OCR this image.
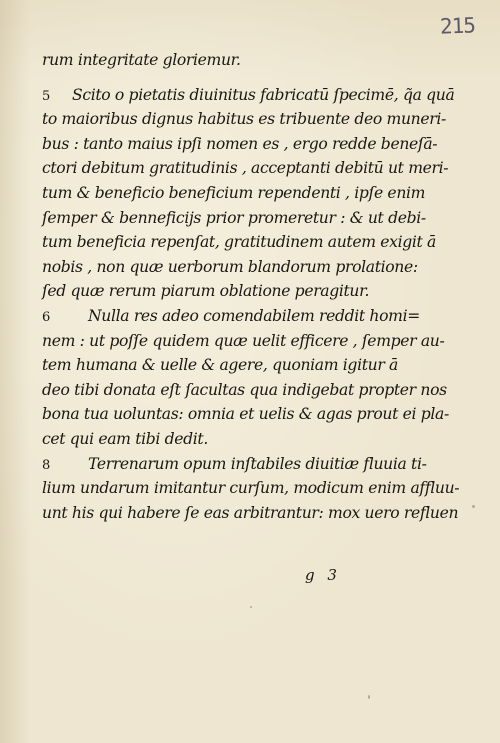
215
rum integritate gloriemur.
5 Scito o pietatis diuinitus fabricatū ſpecimē, q̃a quā
to maioribus dignus habitus es tribuente deo muneri-
bus : tanto maius ipſi nomen es , ergo redde beneſā-
ctori debitum gratitudinis , acceptanti debitū ut meri-
tum & beneficio beneficium rependenti , ipſe enim
ſemper & benneficijs prior promeretur : & ut debi-
tum beneficia repenſat, gratitudinem autem exigit ā
nobis , non quæ uerborum blandorum prolatione:
ſed quæ rerum piarum oblatione peragitur.
6 Nulla res adeo comendabilem reddit homi=
nem : ut poſſe quidem quæ uelit efficere , ſemper au-
tem humana & uelle & agere, quoniam igitur ā
deo tibi donata eſt ſacultas qua indigebat propter nos
bona tua uoluntas: omnia et uelis & agas prout ei pla-
cet qui eam tibi dedit.
8 Terrenarum opum inſtabiles diuitiæ fluuia ti-
lium undarum imitantur curſum, modicum enim affluu-
unt his qui habere ſe eas arbitrantur: mox uero refluen
g 3
